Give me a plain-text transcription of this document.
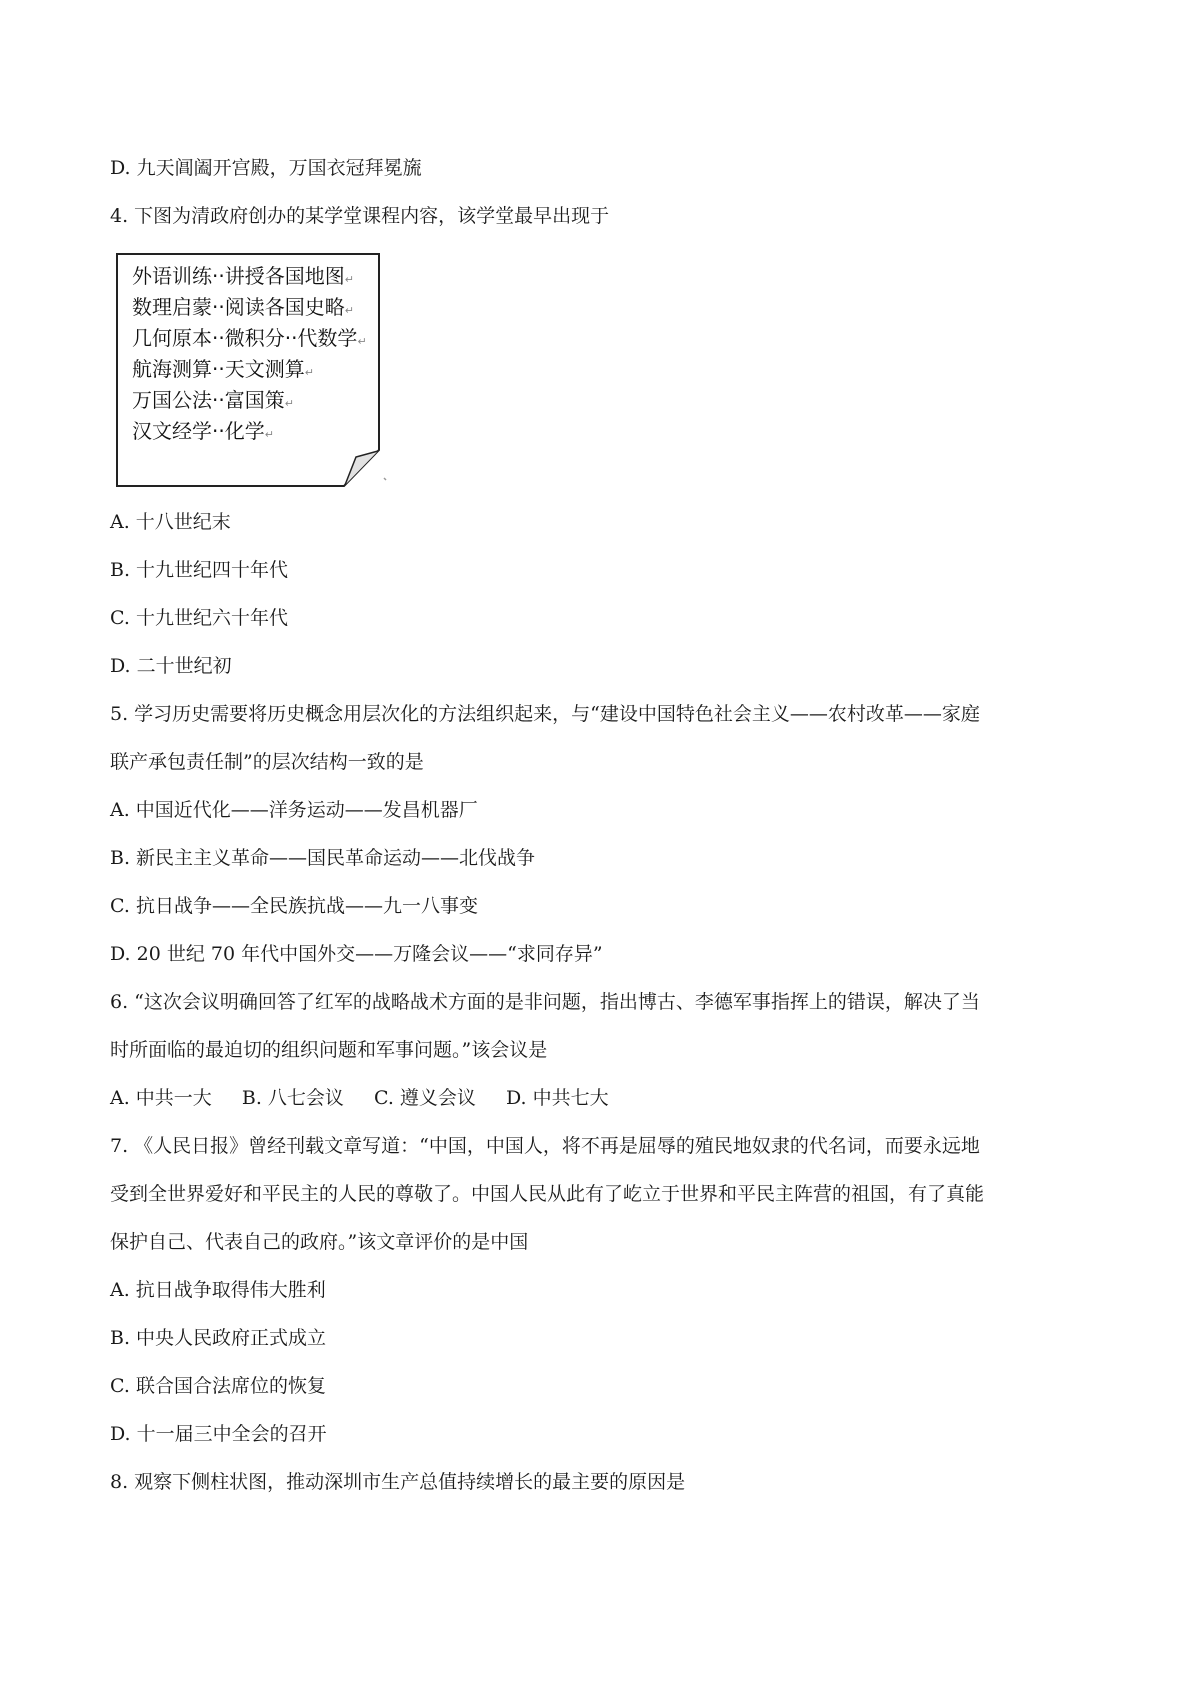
D. 九天阊阖开宫殿，万国衣冠拜冕旒
4. 下图为清政府创办的某学堂课程内容，该学堂最早出现于
外语训练··讲授各国地图↵
数理启蒙··阅读各国史略↵
几何原本··微积分··代数学↵
航海测算··天文测算↵
万国公法··富国策↵
汉文经学··化学↵
A. 十八世纪末
B. 十九世纪四十年代
C. 十九世纪六十年代
D. 二十世纪初
5. 学习历史需要将历史概念用层次化的方法组织起来，与“建设中国特色社会主义——农村改革——家庭
联产承包责任制”的层次结构一致的是
A. 中国近代化——洋务运动——发昌机器厂
B. 新民主主义革命——国民革命运动——北伐战争
C. 抗日战争——全民族抗战——九一八事变
D. 20 世纪 70 年代中国外交——万隆会议——“求同存异”
6. “这次会议明确回答了红军的战略战术方面的是非问题，指出博古、李德军事指挥上的错误，解决了当
时所面临的最迫切的组织问题和军事问题。”该会议是
A. 中共一大 B. 八七会议 C. 遵义会议 D. 中共七大
7. 《人民日报》曾经刊载文章写道：“中国，中国人，将不再是屈辱的殖民地奴隶的代名词，而要永远地
受到全世界爱好和平民主的人民的尊敬了。中国人民从此有了屹立于世界和平民主阵营的祖国，有了真能
保护自己、代表自己的政府。”该文章评价的是中国
A. 抗日战争取得伟大胜利
B. 中央人民政府正式成立
C. 联合国合法席位的恢复
D. 十一届三中全会的召开
8. 观察下侧柱状图，推动深圳市生产总值持续增长的最主要的原因是
